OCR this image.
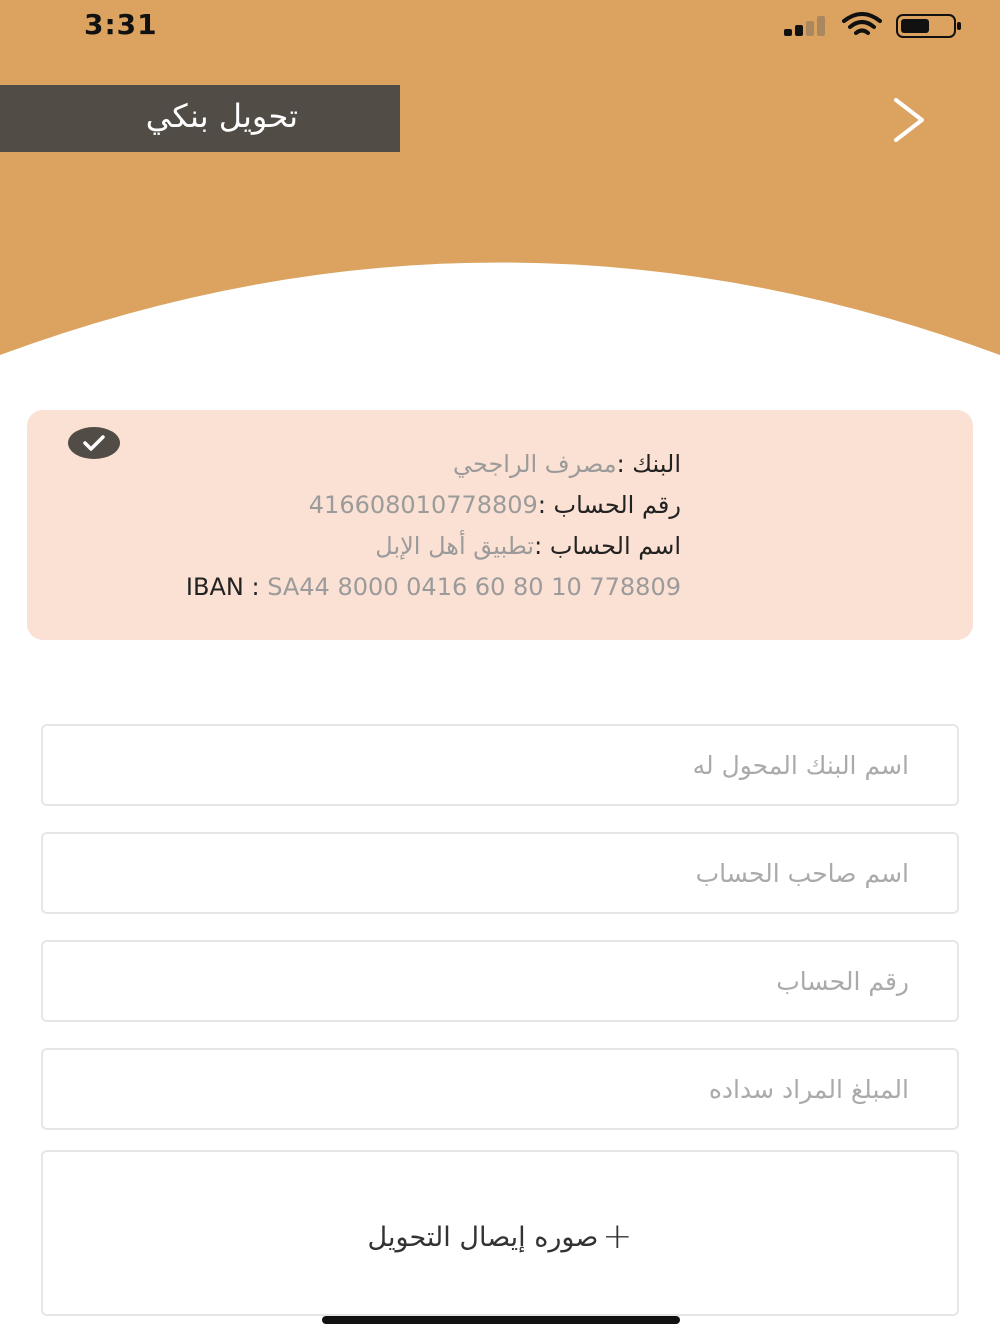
3:31
تحويل بنكي
البنك :مصرف الراجحي
رقم الحساب :416608010778809
اسم الحساب :تطبيق أهل الإبل
IBAN : SA44 8000 0416 60 80 10 778809
اسم البنك المحول له
اسم صاحب الحساب
رقم الحساب
المبلغ المراد سداده
+صوره إيصال التحويل
